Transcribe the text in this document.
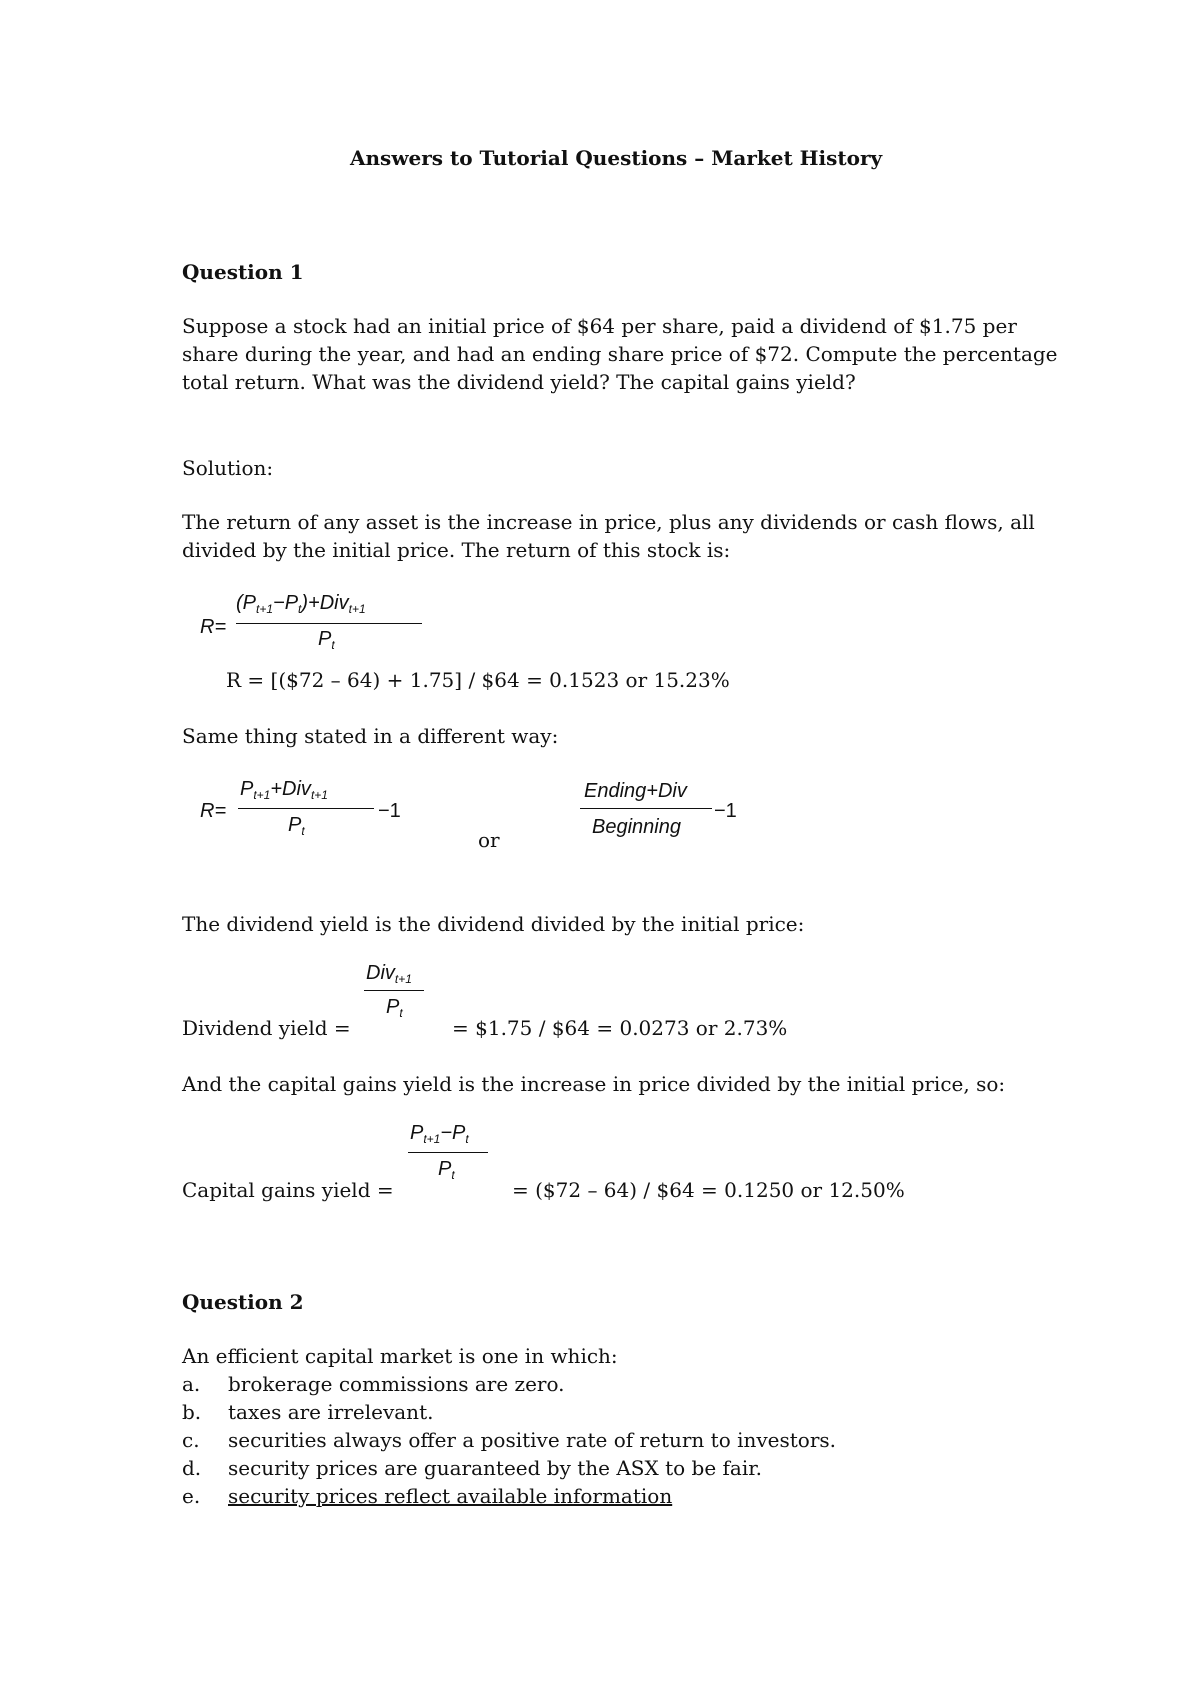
Answers to Tutorial Questions – Market History
Question 1
Suppose a stock had an initial price of $64 per share, paid a dividend of $1.75 per
share during the year, and had an ending share price of $72. Compute the percentage
total return. What was the dividend yield? The capital gains yield?
Solution:
The return of any asset is the increase in price, plus any dividends or cash flows, all
divided by the initial price. The return of this stock is:
R=
$(P_{t+1}-P_t)+Div_{t+1}$
$P_t$
R = [($72 – 64) + 1.75] / $64 = 0.1523 or 15.23%
Same thing stated in a different way:
R=
$P_{t+1}+Div_{t+1}$
$P_t$
−1
or
Ending+Div
Beginning
−1
The dividend yield is the dividend divided by the initial price:
Div$_{t+1}$
$P_t$
Dividend yield =	= $1.75 / $64 = 0.0273 or 2.73%
And the capital gains yield is the increase in price divided by the initial price, so:
$P_{t+1}-P_t$
$P_t$
Capital gains yield =	= ($72 – 64) / $64 = 0.1250 or 12.50%
Question 2
An efficient capital market is one in which:
a. brokerage commissions are zero.
b. taxes are irrelevant.
c. securities always offer a positive rate of return to investors.
d. security prices are guaranteed by the ASX to be fair.
e. security prices reflect available information
